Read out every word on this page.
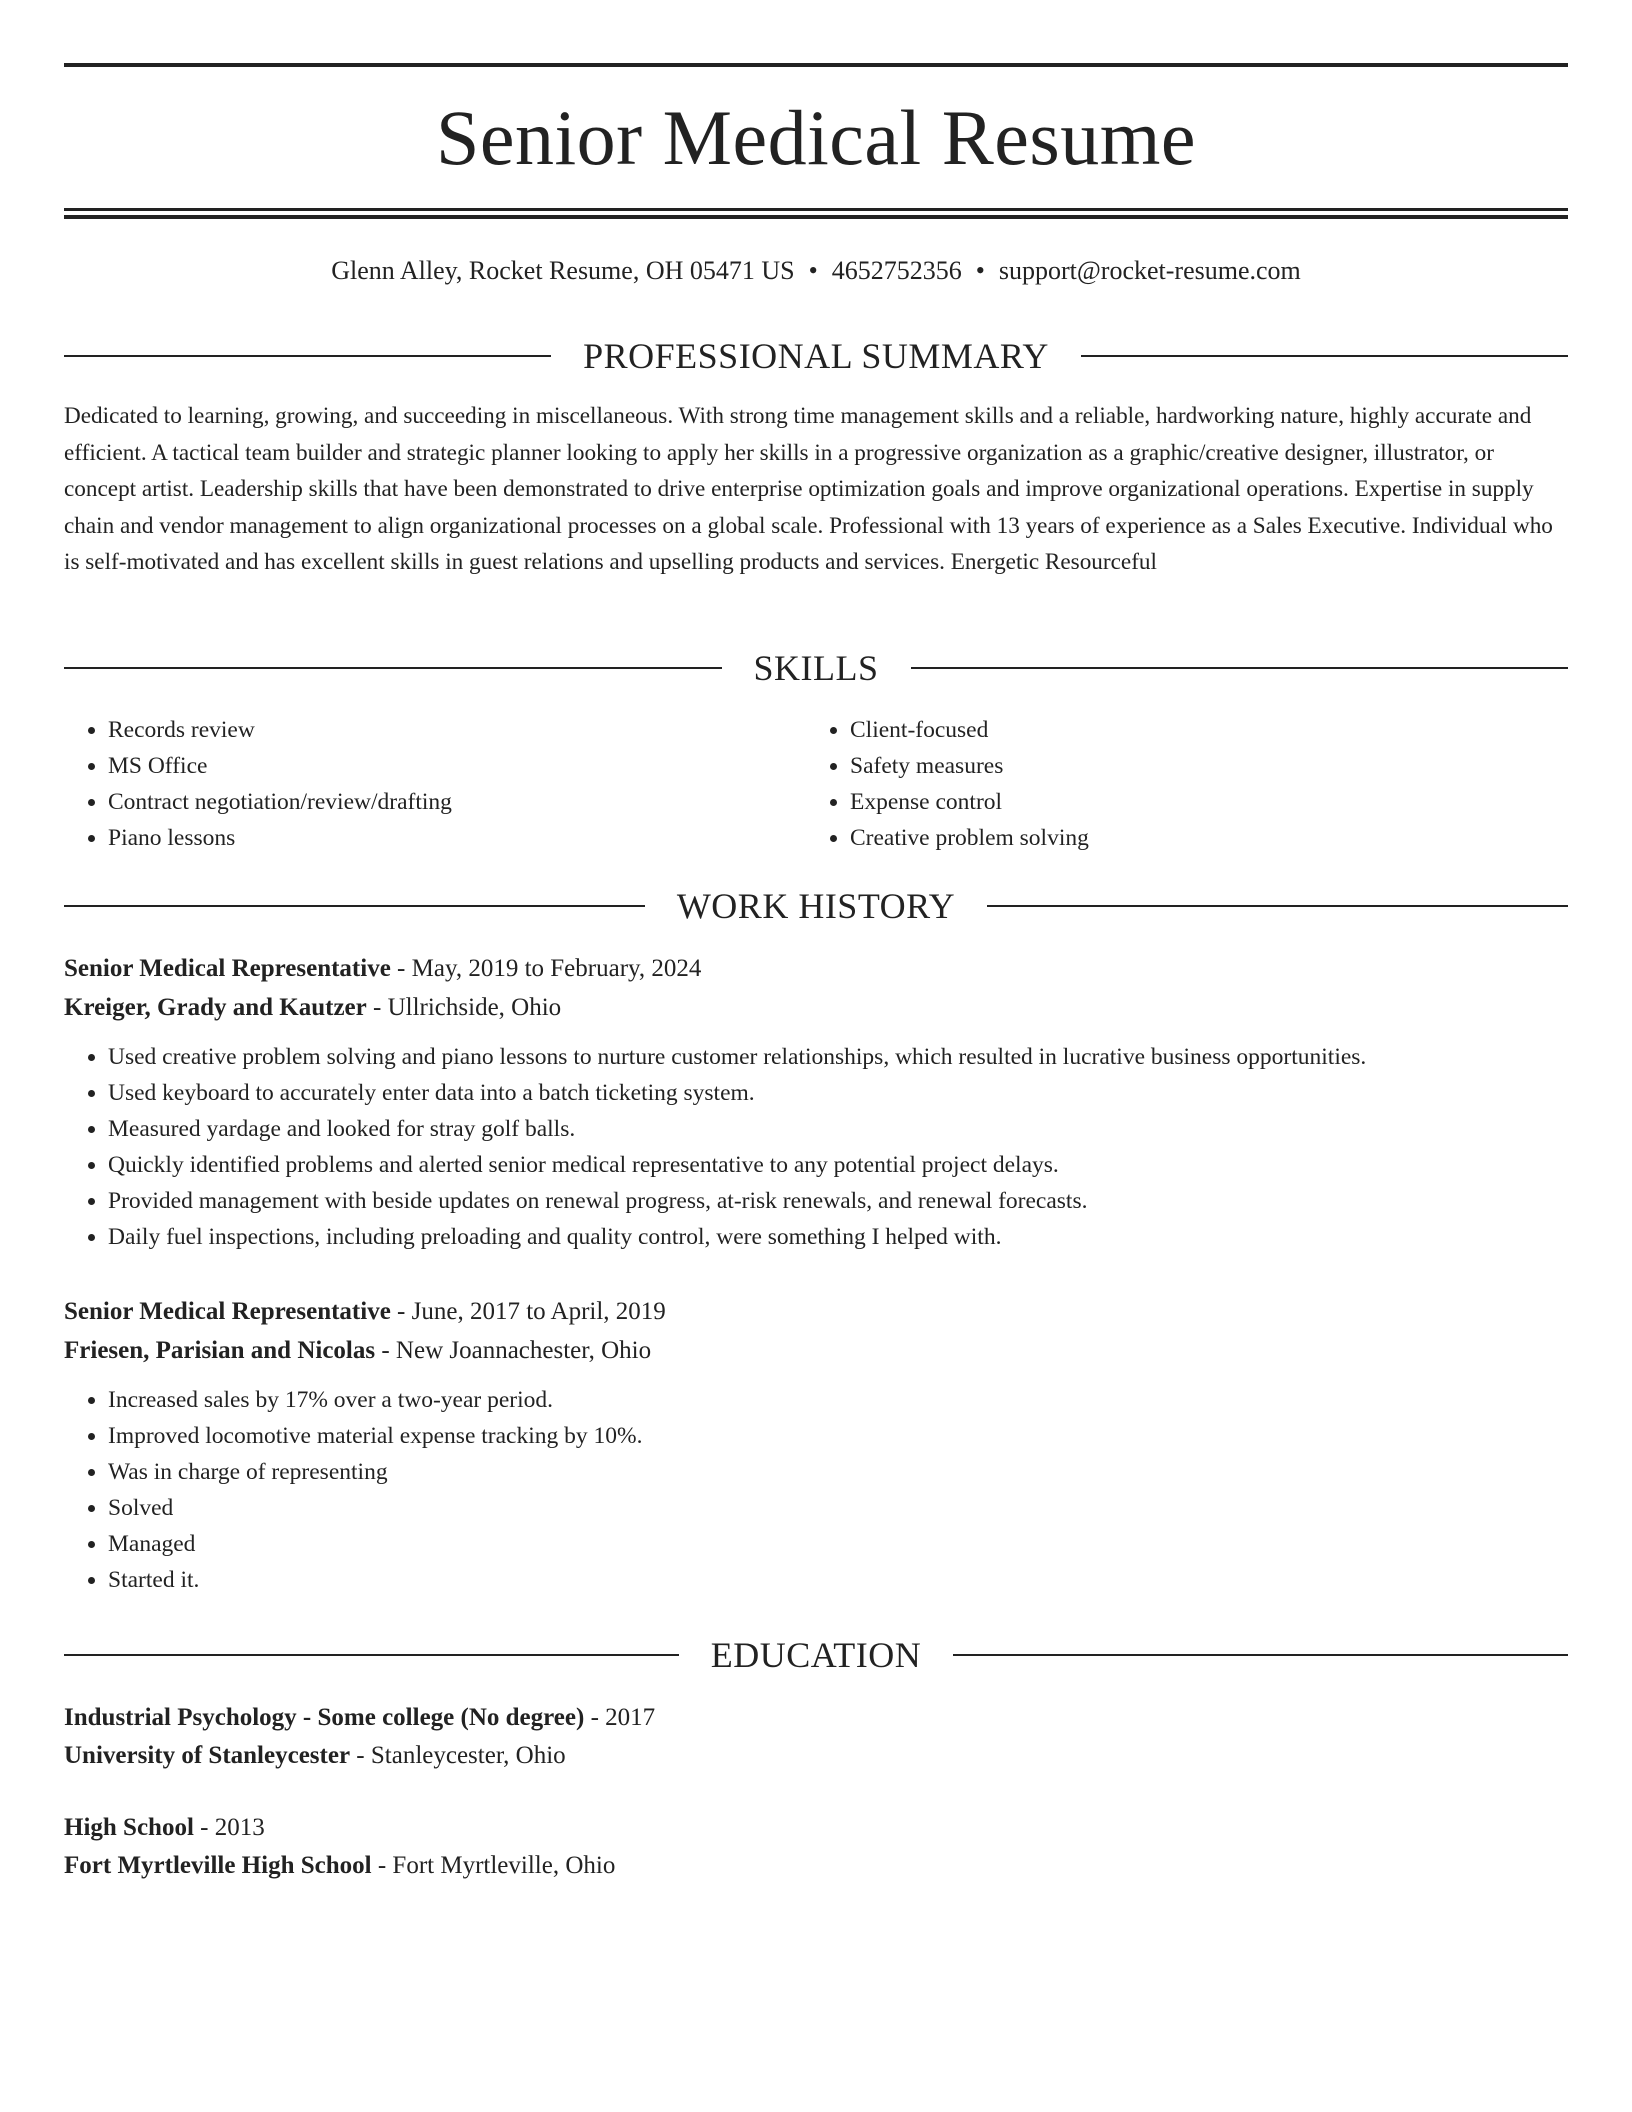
Senior Medical Resume
Glenn Alley, Rocket Resume, OH 05471 US • 4652752356 • support@rocket-resume.com
PROFESSIONAL SUMMARY
Dedicated to learning, growing, and succeeding in miscellaneous. With strong time management skills and a reliable, hardworking nature, highly accurate and efficient. A tactical team builder and strategic planner looking to apply her skills in a progressive organization as a graphic/creative designer, illustrator, or concept artist. Leadership skills that have been demonstrated to drive enterprise optimization goals and improve organizational operations. Expertise in supply chain and vendor management to align organizational processes on a global scale. Professional with 13 years of experience as a Sales Executive. Individual who is self-motivated and has excellent skills in guest relations and upselling products and services. Energetic Resourceful
SKILLS
• Records review
• MS Office
• Contract negotiation/review/drafting
• Piano lessons
• Client-focused
• Safety measures
• Expense control
• Creative problem solving
WORK HISTORY
Senior Medical Representative - May, 2019 to February, 2024
Kreiger, Grady and Kautzer - Ullrichside, Ohio
• Used creative problem solving and piano lessons to nurture customer relationships, which resulted in lucrative business opportunities.
• Used keyboard to accurately enter data into a batch ticketing system.
• Measured yardage and looked for stray golf balls.
• Quickly identified problems and alerted senior medical representative to any potential project delays.
• Provided management with beside updates on renewal progress, at-risk renewals, and renewal forecasts.
• Daily fuel inspections, including preloading and quality control, were something I helped with.
Senior Medical Representative - June, 2017 to April, 2019
Friesen, Parisian and Nicolas - New Joannachester, Ohio
• Increased sales by 17% over a two-year period.
• Improved locomotive material expense tracking by 10%.
• Was in charge of representing
• Solved
• Managed
• Started it.
EDUCATION
Industrial Psychology - Some college (No degree) - 2017
University of Stanleycester - Stanleycester, Ohio
High School - 2013
Fort Myrtleville High School - Fort Myrtleville, Ohio
